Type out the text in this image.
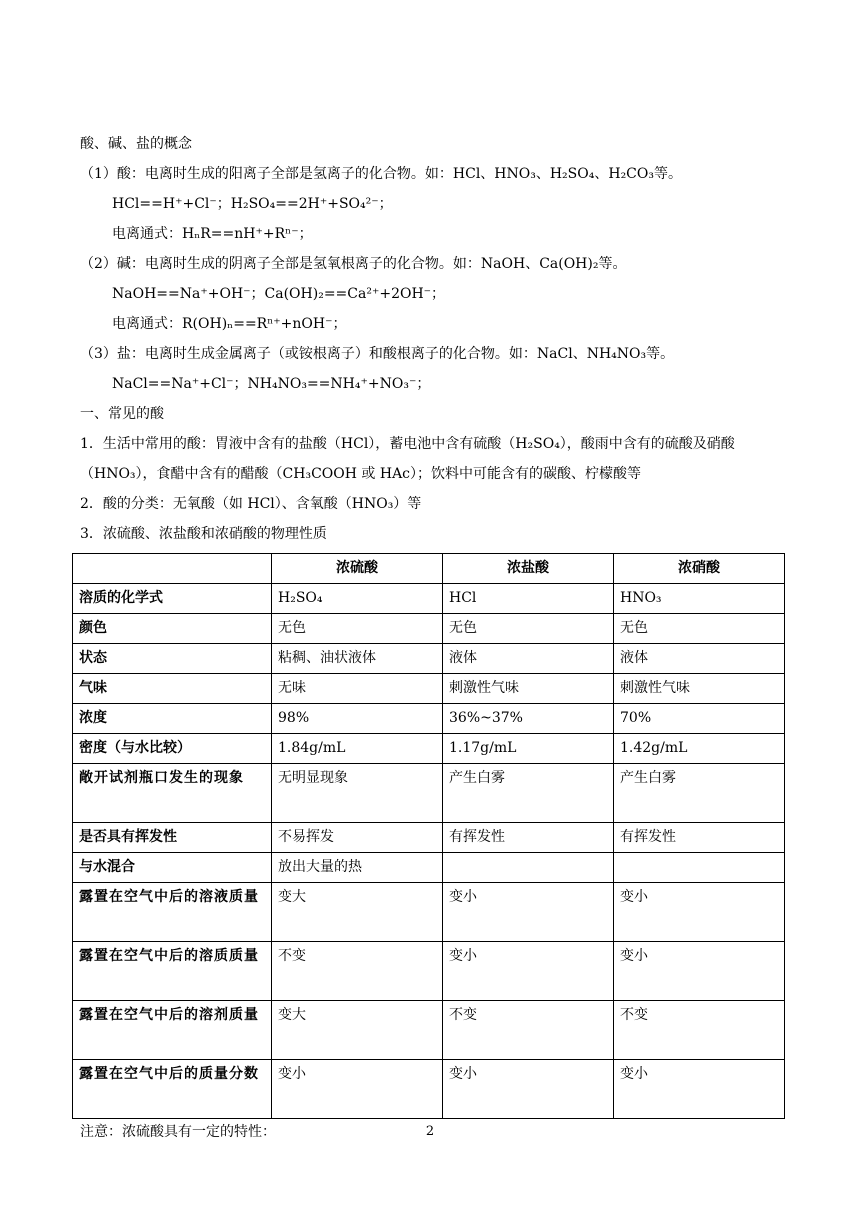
酸、碱、盐的概念
（1）酸：电离时生成的阳离子全部是氢离子的化合物。如：HCl、HNO₃、H₂SO₄、H₂CO₃等。
HCl==H⁺+Cl⁻；H₂SO₄==2H⁺+SO₄²⁻；
电离通式：HₙR==nH⁺+Rⁿ⁻；
（2）碱：电离时生成的阴离子全部是氢氧根离子的化合物。如：NaOH、Ca(OH)₂等。
NaOH==Na⁺+OH⁻；Ca(OH)₂==Ca²⁺+2OH⁻；
电离通式：R(OH)ₙ==Rⁿ⁺+nOH⁻；
（3）盐：电离时生成金属离子（或铵根离子）和酸根离子的化合物。如：NaCl、NH₄NO₃等。
NaCl==Na⁺+Cl⁻；NH₄NO₃==NH₄⁺+NO₃⁻；
一、常见的酸
1．生活中常用的酸：胃液中含有的盐酸（HCl），蓄电池中含有硫酸（H₂SO₄），酸雨中含有的硫酸及硝酸（HNO₃），食醋中含有的醋酸（CH₃COOH 或 HAc）；饮料中可能含有的碳酸、柠檬酸等
2．酸的分类：无氧酸（如 HCl）、含氧酸（HNO₃）等
3．浓硫酸、浓盐酸和浓硝酸的物理性质
	浓硫酸	浓盐酸	浓硝酸
溶质的化学式	H₂SO₄	HCl	HNO₃
颜色	无色	无色	无色
状态	粘稠、油状液体	液体	液体
气味	无味	刺激性气味	刺激性气味
浓度	98%	36%~37%	70%
密度（与水比较）	1.84g/mL	1.17g/mL	1.42g/mL
敞开试剂瓶口发生的现象	无明显现象	产生白雾	产生白雾
是否具有挥发性	不易挥发	有挥发性	有挥发性
与水混合	放出大量的热		
露置在空气中后的溶液质量	变大	变小	变小
露置在空气中后的溶质质量	不变	变小	变小
露置在空气中后的溶剂质量	变大	不变	不变
露置在空气中后的质量分数	变小	变小	变小
注意：浓硫酸具有一定的特性：	2
